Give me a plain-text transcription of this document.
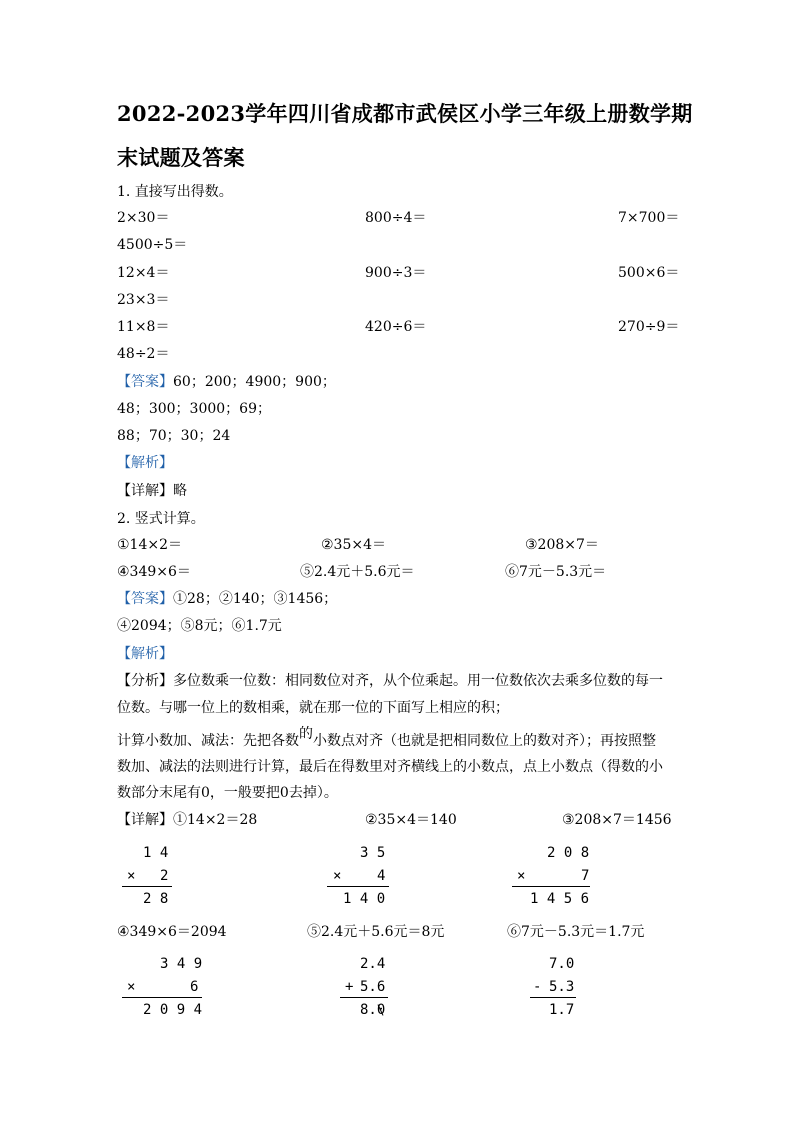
2022-2023学年四川省成都市武侯区小学三年级上册数学期
末试题及答案
1. 直接写出得数。
2×30＝	800÷4＝	7×700＝
4500÷5＝
12×4＝	900÷3＝	500×6＝
23×3＝
11×8＝	420÷6＝	270÷9＝
48÷2＝
【答案】60；200；4900；900；
48；300；3000；69；
88；70；30；24
【解析】
【详解】略
2. 竖式计算。
①14×2＝	②35×4＝	③208×7＝
④349×6＝	⑤2.4元＋5.6元＝	⑥7元－5.3元＝
【答案】①28；②140；③1456；
④2094；⑤8元；⑥1.7元
【解析】
【分析】多位数乘一位数：相同数位对齐，从个位乘起。用一位数依次去乘多位数的每一
位数。与哪一位上的数相乘，就在那一位的下面写上相应的积；
计算小数加、减法：先把各数的小数点对齐（也就是把相同数位上的数对齐）；再按照整
数加、减法的法则进行计算，最后在得数里对齐横线上的小数点，点上小数点（得数的小
数部分末尾有0，一般要把0去掉）。
【详解】①14×2＝28	②35×4＝140	③208×7＝1456
1 4
× 2
2 8
3 5
×	4
1 4 0
2 0 8
×	7
1 4 5 6
④349×6＝2094	⑤2.4元＋5.6元＝8元	⑥7元－5.3元＝1.7元
3 4 9
×	6
2 0 9 4
2.4
+ 5.6
8.0
7.0
- 5.3
1.7
